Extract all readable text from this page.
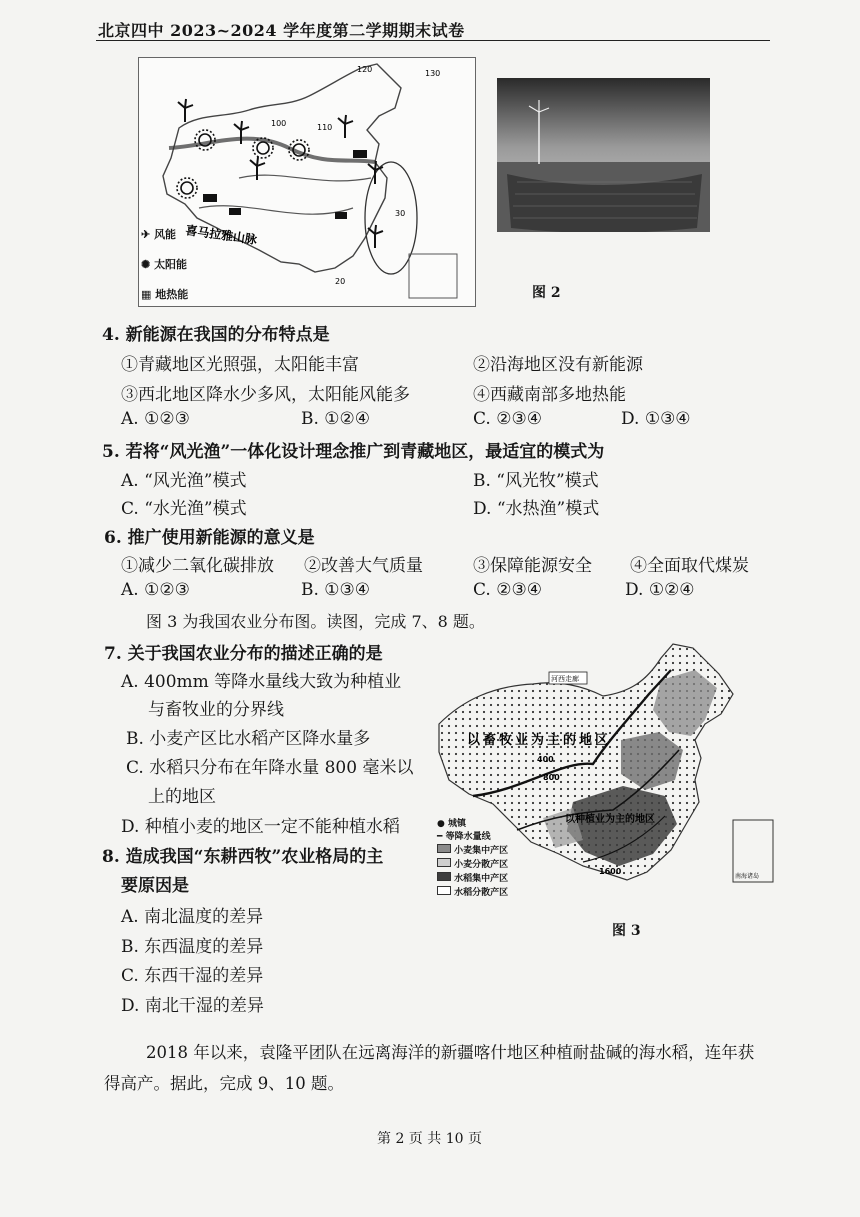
北京四中 2023~2024 学年度第二学期期末试卷
120	130
110
100
30
20
喜马拉雅山脉
✈︎ 风能
✺ 太阳能
▦ 地热能	图 2
4. 新能源在我国的分布特点是
①青藏地区光照强，太阳能丰富	②沿海地区没有新能源
③西北地区降水少多风，太阳能风能多	④西藏南部多地热能
A. ①②③	B. ①②④	C. ②③④	D. ①③④
5. 若将“风光渔”一体化设计理念推广到青藏地区，最适宜的模式为
A. “风光渔”模式	B. “风光牧”模式
C. “水光渔”模式	D. “水热渔”模式
6. 推广使用新能源的意义是
①减少二氧化碳排放 ②改善大气质量	③保障能源安全 ④全面取代煤炭
A. ①②③	B. ①③④	C. ②③④	D. ①②④
图 3 为我国农业分布图。读图，完成 7、8 题。
7. 关于我国农业分布的描述正确的是
A. 400mm 等降水量线大致为种植业
与畜牧业的分界线
B. 小麦产区比水稻产区降水量多
C. 水稻只分布在年降水量 800 毫米以
上的地区
D. 种植小麦的地区一定不能种植水稻
8. 造成我国“东耕西牧”农业格局的主
要原因是
A. 南北温度的差异
B. 东西温度的差异
C. 东西干湿的差异
D. 南北干湿的差异
河西走廊
以畜牧业为主的地区
以种植业为主的地区
400
800
1600
南海诸岛
● 城镇
━ 等降水量线
小麦集中产区
小麦分散产区
水稻集中产区
水稻分散产区
图 3
2018 年以来，袁隆平团队在远离海洋的新疆喀什地区种植耐盐碱的海水稻，连年获
得高产。据此，完成 9、10 题。
第 2 页 共 10 页
